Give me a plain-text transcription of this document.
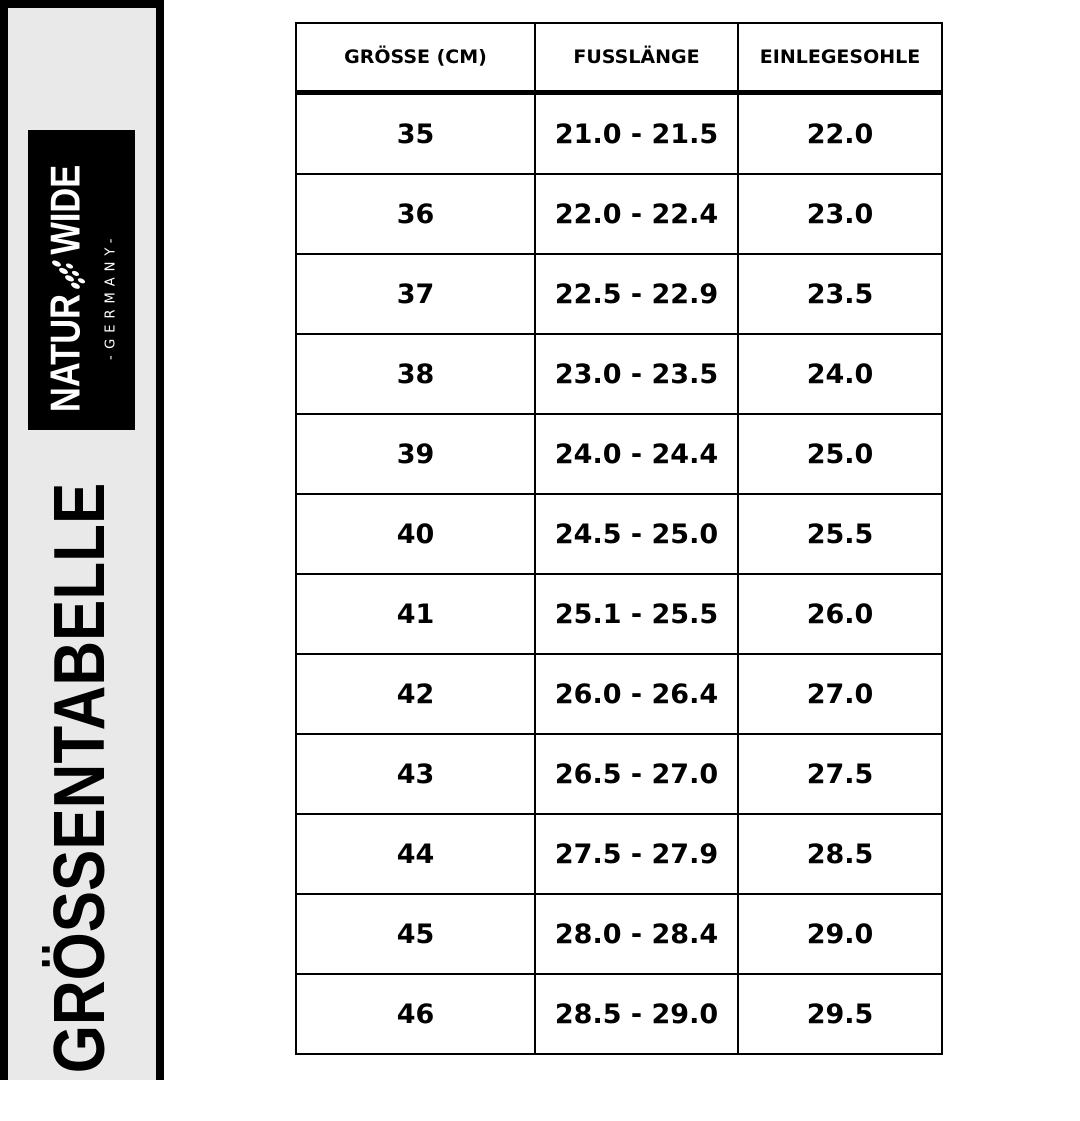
NATUR
WIDE
-GERMANY-
GRÖSSENTABELLE
GRÖSSE (CM)	FUSSLÄNGE	EINLEGESOHLE
35	21.0 - 21.5	22.0
36	22.0 - 22.4	23.0
37	22.5 - 22.9	23.5
38	23.0 - 23.5	24.0
39	24.0 - 24.4	25.0
40	24.5 - 25.0	25.5
41	25.1 - 25.5	26.0
42	26.0 - 26.4	27.0
43	26.5 - 27.0	27.5
44	27.5 - 27.9	28.5
45	28.0 - 28.4	29.0
46	28.5 - 29.0	29.5
